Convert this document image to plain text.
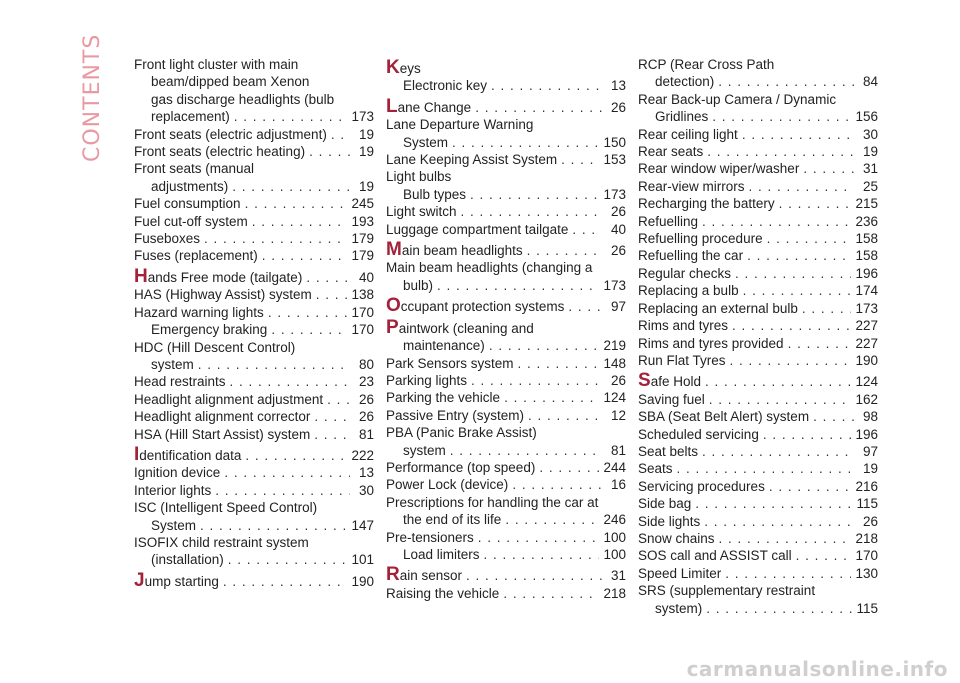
CONTENTS Front light cluster with main
beam/dipped beam Xenon
gas discharge headlights (bulb
replacement) . . .	173
Front seats (electric adjustment) . . .	19
Front seats (electric heating) . . .	19
Front seats (manual
adjustments) . . .	19
Fuel consumption . . .	245
Fuel cut-off system . . .	193
Fuseboxes . . .	179
Fuses (replacement) . . .	179
Hands Free mode (tailgate) . . .	40
HAS (Highway Assist) system . . .	138
Hazard warning lights . . .	170
Emergency braking . . .	170
HDC (Hill Descent Control)
system . . .	80
Head restraints . . .	23
Headlight alignment adjustment . . .	26
Headlight alignment corrector . . .	26
HSA (Hill Start Assist) system . . .	81
Identification data . . .	222
Ignition device . . .	13
Interior lights . . .	30
ISC (Intelligent Speed Control)
System . . .	147
ISOFIX child restraint system
(installation) . . .	101
Jump starting . . .	190
Keys
Electronic key . . .	13
Lane Change . . .	26
Lane Departure Warning
System . . .	150
Lane Keeping Assist System . . .	153
Light bulbs
Bulb types . . .	173
Light switch . . .	26
Luggage compartment tailgate . . .	40
Main beam headlights . . .	26
Main beam headlights (changing a
bulb) . . .	173
Occupant protection systems . . .	97
Paintwork (cleaning and
maintenance) . . .	219
Park Sensors system . . .	148
Parking lights . . .	26
Parking the vehicle . . .	124
Passive Entry (system) . . .	12
PBA (Panic Brake Assist)
system . . .	81
Performance (top speed) . . .	244
Power Lock (device) . . .	16
Prescriptions for handling the car at
the end of its life . . .	246
Pre-tensioners . . .	100
Load limiters . . .	100
Rain sensor . . .	31
Raising the vehicle . . .	218
RCP (Rear Cross Path
detection) . . .	84
Rear Back-up Camera / Dynamic
Gridlines . . .	156
Rear ceiling light . . .	30
Rear seats . . .	19
Rear window wiper/washer . . .	31
Rear-view mirrors . . .	25
Recharging the battery . . .	215
Refuelling . . .	236
Refuelling procedure . . .	158
Refuelling the car . . .	158
Regular checks . . .	196
Replacing a bulb . . .	174
Replacing an external bulb . . .	173
Rims and tyres . . .	227
Rims and tyres provided . . .	227
Run Flat Tyres . . .	190
Safe Hold . . .	124
Saving fuel . . .	162
SBA (Seat Belt Alert) system . . .	98
Scheduled servicing . . .	196
Seat belts . . .	97
Seats . . .	19
Servicing procedures . . .	216
Side bag . . .	115
Side lights . . .	26
Snow chains . . .	218
SOS call and ASSIST call . . .	170
Speed Limiter . . .	130
SRS (supplementary restraint
system) . . .	115
carmanualsonline.info
